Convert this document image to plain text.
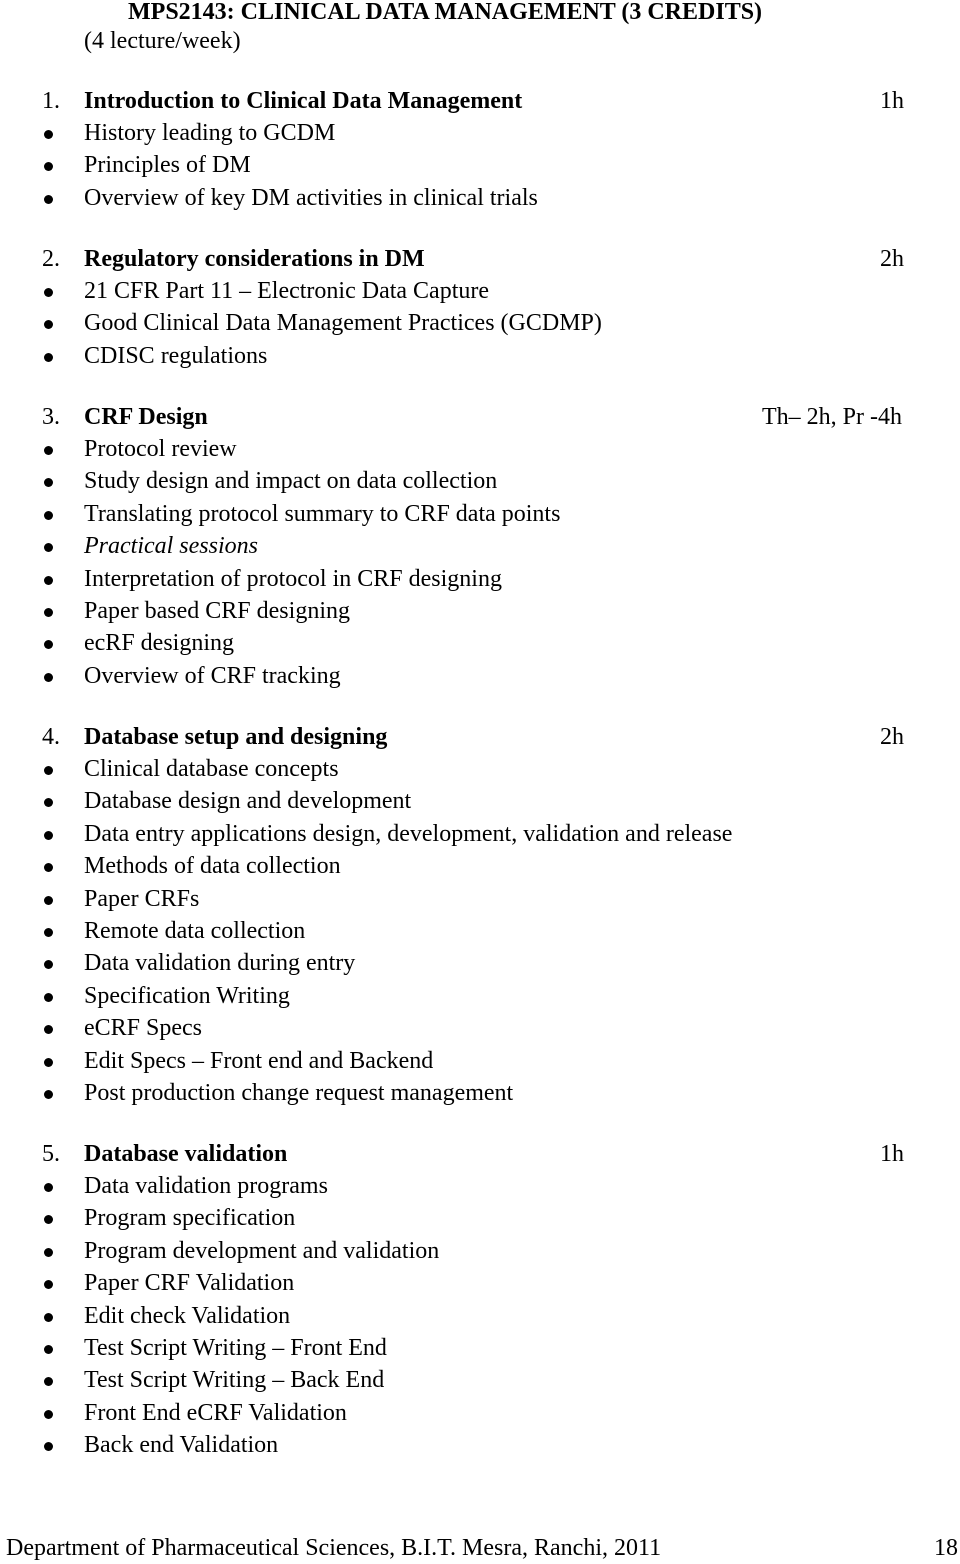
MPS2143: CLINICAL DATA MANAGEMENT (3 CREDITS)
(4 lecture/week)
1. Introduction to Clinical Data Management	1h
History leading to GCDM
Principles of DM
Overview of key DM activities in clinical trials
2. Regulatory considerations in DM	2h
21 CFR Part 11 – Electronic Data Capture
Good Clinical Data Management Practices (GCDMP)
CDISC regulations
3. CRF Design	Th– 2h, Pr -4h
Protocol review
Study design and impact on data collection
Translating protocol summary to CRF data points
Practical sessions
Interpretation of protocol in CRF designing
Paper based CRF designing
ecRF designing
Overview of CRF tracking
4. Database setup and designing	2h
Clinical database concepts
Database design and development
Data entry applications design, development, validation and release
Methods of data collection
Paper CRFs
Remote data collection
Data validation during entry
Specification Writing
eCRF Specs
Edit Specs – Front end and Backend
Post production change request management
5. Database validation	1h
Data validation programs
Program specification
Program development and validation
Paper CRF Validation
Edit check Validation
Test Script Writing – Front End
Test Script Writing – Back End
Front End eCRF Validation
Back end Validation
Department of Pharmaceutical Sciences, B.I.T. Mesra, Ranchi, 2011	18
